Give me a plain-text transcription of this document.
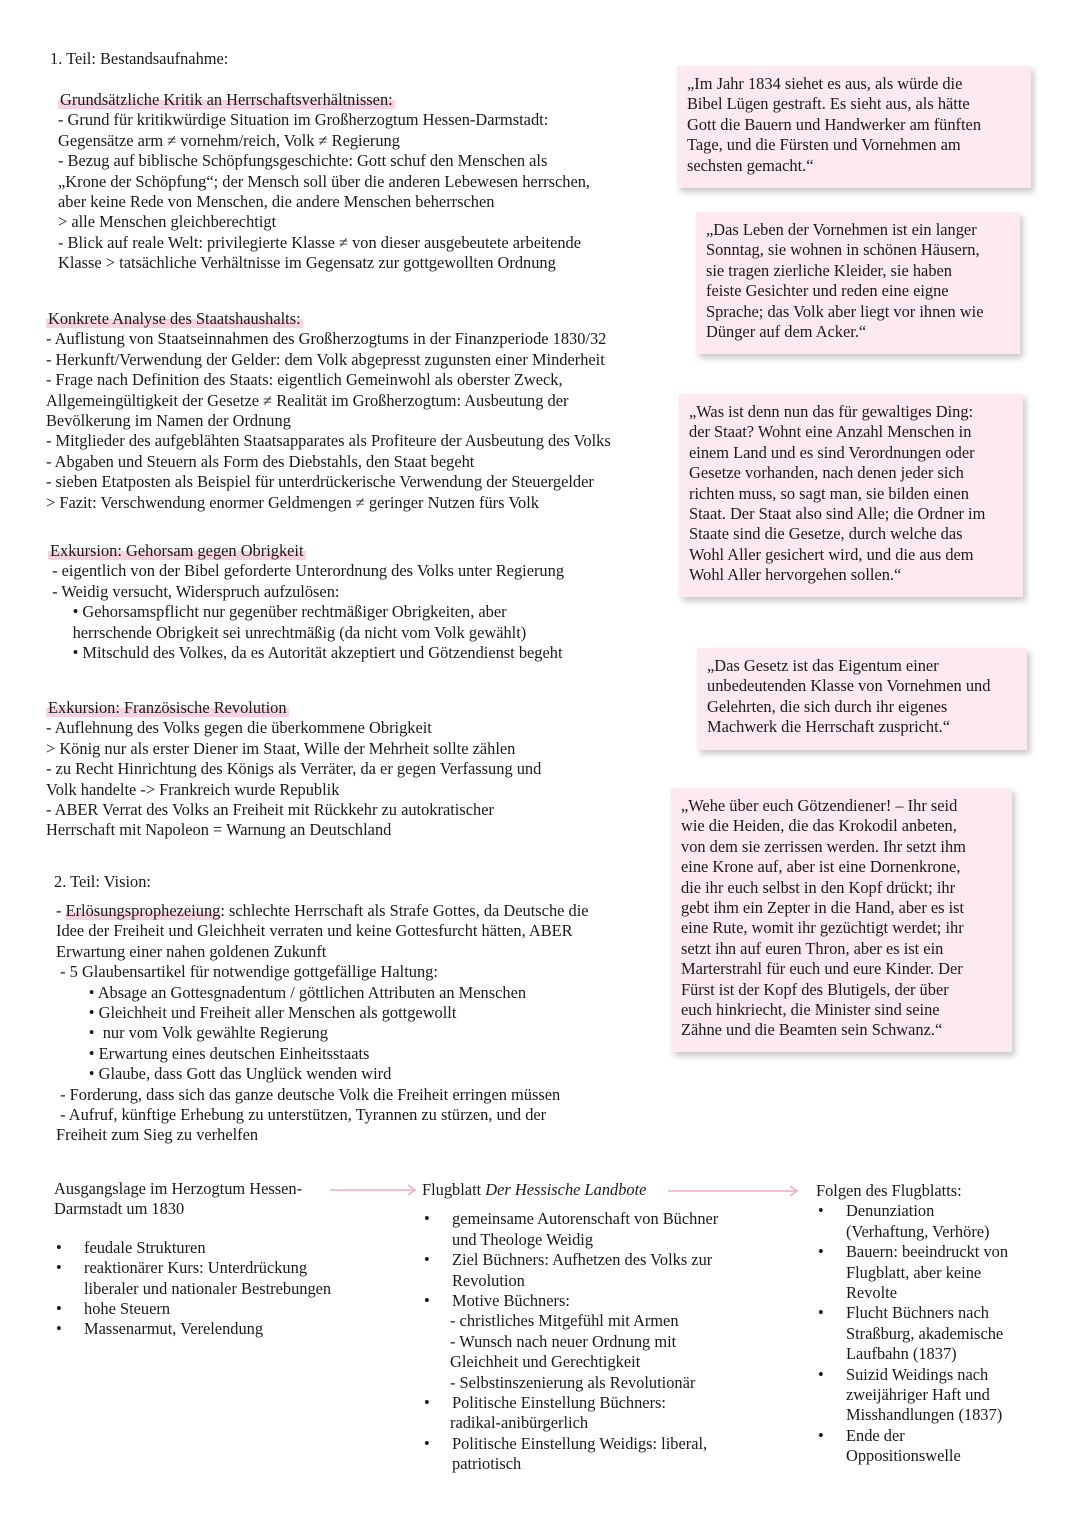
1. Teil: Bestandsaufnahme:
Grundsätzliche Kritik an Herrschaftsverhältnissen:
- Grund für kritikwürdige Situation im Großherzogtum Hessen-Darmstadt:
Gegensätze arm ≠ vornehm/reich, Volk ≠ Regierung
- Bezug auf biblische Schöpfungsgeschichte: Gott schuf den Menschen als
„Krone der Schöpfung“; der Mensch soll über die anderen Lebewesen herrschen,
aber keine Rede von Menschen, die andere Menschen beherrschen
> alle Menschen gleichberechtigt
- Blick auf reale Welt: privilegierte Klasse ≠ von dieser ausgebeutete arbeitende
Klasse > tatsächliche Verhältnisse im Gegensatz zur gottgewollten Ordnung
Konkrete Analyse des Staatshaushalts:
- Auflistung von Staatseinnahmen des Großherzogtums in der Finanzperiode 1830/32
- Herkunft/Verwendung der Gelder: dem Volk abgepresst zugunsten einer Minderheit
- Frage nach Definition des Staats: eigentlich Gemeinwohl als oberster Zweck,
Allgemeingültigkeit der Gesetze ≠ Realität im Großherzogtum: Ausbeutung der
Bevölkerung im Namen der Ordnung
- Mitglieder des aufgeblähten Staatsapparates als Profiteure der Ausbeutung des Volks
- Abgaben und Steuern als Form des Diebstahls, den Staat begeht
- sieben Etatposten als Beispiel für unterdrückerische Verwendung der Steuergelder
> Fazit: Verschwendung enormer Geldmengen ≠ geringer Nutzen fürs Volk
Exkursion: Gehorsam gegen Obrigkeit
- eigentlich von der Bibel geforderte Unterordnung des Volks unter Regierung
- Weidig versucht, Widerspruch aufzulösen:
• Gehorsamspflicht nur gegenüber rechtmäßiger Obrigkeiten, aber
herrschende Obrigkeit sei unrechtmäßig (da nicht vom Volk gewählt)
• Mitschuld des Volkes, da es Autorität akzeptiert und Götzendienst begeht
Exkursion: Französische Revolution
- Auflehnung des Volks gegen die überkommene Obrigkeit
> König nur als erster Diener im Staat, Wille der Mehrheit sollte zählen
- zu Recht Hinrichtung des Königs als Verräter, da er gegen Verfassung und
Volk handelte -> Frankreich wurde Republik
- ABER Verrat des Volks an Freiheit mit Rückkehr zu autokratischer
Herrschaft mit Napoleon = Warnung an Deutschland
2. Teil: Vision:
- Erlösungsprophezeiung: schlechte Herrschaft als Strafe Gottes, da Deutsche die
Idee der Freiheit und Gleichheit verraten und keine Gottesfurcht hätten, ABER
Erwartung einer nahen goldenen Zukunft
- 5 Glaubensartikel für notwendige gottgefällige Haltung:
• Absage an Gottesgnadentum / göttlichen Attributen an Menschen
• Gleichheit und Freiheit aller Menschen als gottgewollt
•  nur vom Volk gewählte Regierung
• Erwartung eines deutschen Einheitsstaats
• Glaube, dass Gott das Unglück wenden wird
- Forderung, dass sich das ganze deutsche Volk die Freiheit erringen müssen
- Aufruf, künftige Erhebung zu unterstützen, Tyrannen zu stürzen, und der
Freiheit zum Sieg zu verhelfen
„Im Jahr 1834 siehet es aus, als würde die
Bibel Lügen gestraft. Es sieht aus, als hätte
Gott die Bauern und Handwerker am fünften
Tage, und die Fürsten und Vornehmen am
sechsten gemacht.“
„Das Leben der Vornehmen ist ein langer
Sonntag, sie wohnen in schönen Häusern,
sie tragen zierliche Kleider, sie haben
feiste Gesichter und reden eine eigne
Sprache; das Volk aber liegt vor ihnen wie
Dünger auf dem Acker.“
„Was ist denn nun das für gewaltiges Ding:
der Staat? Wohnt eine Anzahl Menschen in
einem Land und es sind Verordnungen oder
Gesetze vorhanden, nach denen jeder sich
richten muss, so sagt man, sie bilden einen
Staat. Der Staat also sind Alle; die Ordner im
Staate sind die Gesetze, durch welche das
Wohl Aller gesichert wird, und die aus dem
Wohl Aller hervorgehen sollen.“
„Das Gesetz ist das Eigentum einer
unbedeutenden Klasse von Vornehmen und
Gelehrten, die sich durch ihr eigenes
Machwerk die Herrschaft zuspricht.“
„Wehe über euch Götzendiener! – Ihr seid
wie die Heiden, die das Krokodil anbeten,
von dem sie zerrissen werden. Ihr setzt ihm
eine Krone auf, aber ist eine Dornenkrone,
die ihr euch selbst in den Kopf drückt; ihr
gebt ihm ein Zepter in die Hand, aber es ist
eine Rute, womit ihr gezüchtigt werdet; ihr
setzt ihn auf euren Thron, aber es ist ein
Marterstrahl für euch und eure Kinder. Der
Fürst ist der Kopf des Blutigels, der über
euch hinkriecht, die Minister sind seine
Zähne und die Beamten sein Schwanz.“
Ausgangslage im Herzogtum Hessen-
Darmstadt um 1830
• feudale Strukturen
• reaktionärer Kurs: Unterdrückung
liberaler und nationaler Bestrebungen
• hohe Steuern
• Massenarmut, Verelendung
Flugblatt Der Hessische Landbote
• gemeinsame Autorenschaft von Büchner
und Theologe Weidig
• Ziel Büchners: Aufhetzen des Volks zur
Revolution
• Motive Büchners:
- christliches Mitgefühl mit Armen
- Wunsch nach neuer Ordnung mit
Gleichheit und Gerechtigkeit
- Selbstinszenierung als Revolutionär
• Politische Einstellung Büchners:
radikal-anibürgerlich
• Politische Einstellung Weidigs: liberal,
patriotisch
Folgen des Flugblatts:
• Denunziation
(Verhaftung, Verhöre)
• Bauern: beeindruckt von
Flugblatt, aber keine
Revolte
• Flucht Büchners nach
Straßburg, akademische
Laufbahn (1837)
• Suizid Weidings nach
zweijähriger Haft und
Misshandlungen (1837)
• Ende der
Oppositionswelle
